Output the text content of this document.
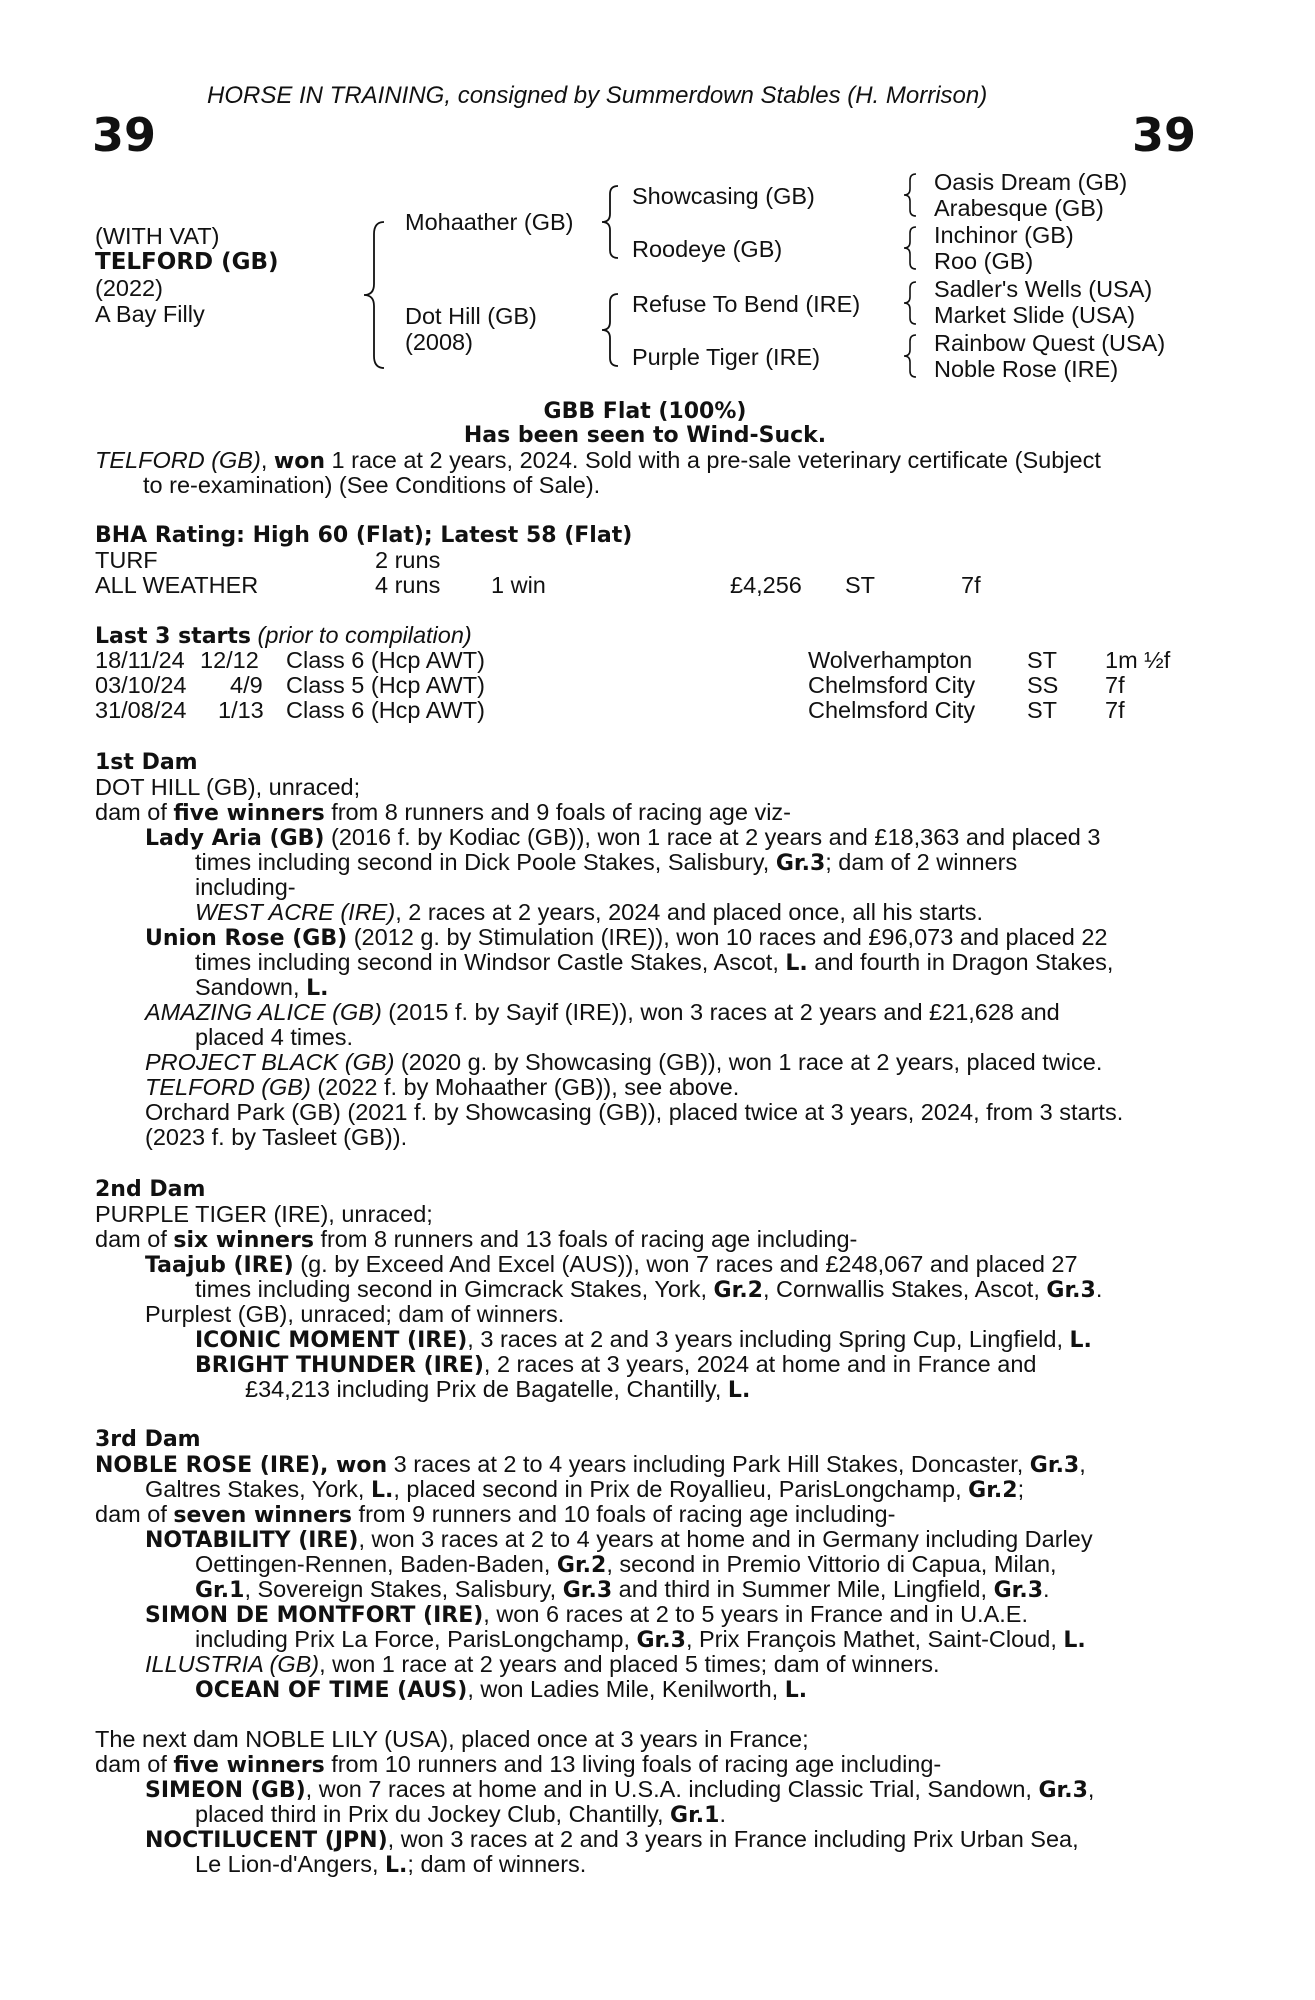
HORSE IN TRAINING, consigned by Summerdown Stables (H. Morrison)
39	39
(WITH VAT)
TELFORD (GB)
(2022)
A Bay Filly
Mohaather (GB)
Dot Hill (GB)
(2008)
Showcasing (GB)
Roodeye (GB)
Refuse To Bend (IRE)
Purple Tiger (IRE)
Oasis Dream (GB)
Arabesque (GB)
Inchinor (GB)
Roo (GB)
Sadler's Wells (USA)
Market Slide (USA)
Rainbow Quest (USA)
Noble Rose (IRE)
GBB Flat (100%)
Has been seen to Wind-Suck.
TELFORD (GB), won 1 race at 2 years, 2024. Sold with a pre-sale veterinary certificate (Subject
to re-examination) (See Conditions of Sale).
BHA Rating: High 60 (Flat); Latest 58 (Flat)
TURF	2 runs
ALL WEATHER	4 runs 1 win	£4,256 ST	7f
Last 3 starts (prior to compilation)
18/11/24 12/12 Class 6 (Hcp AWT)	Wolverhampton ST 1m ½f
03/10/24 4/9 Class 5 (Hcp AWT)	Chelmsford City SS 7f
31/08/24 1/13 Class 6 (Hcp AWT)	Chelmsford City ST 7f
1st Dam
DOT HILL (GB), unraced;
dam of five winners from 8 runners and 9 foals of racing age viz-
Lady Aria (GB) (2016 f. by Kodiac (GB)), won 1 race at 2 years and £18,363 and placed 3
times including second in Dick Poole Stakes, Salisbury, Gr.3; dam of 2 winners
including-
WEST ACRE (IRE), 2 races at 2 years, 2024 and placed once, all his starts.
Union Rose (GB) (2012 g. by Stimulation (IRE)), won 10 races and £96,073 and placed 22
times including second in Windsor Castle Stakes, Ascot, L. and fourth in Dragon Stakes,
Sandown, L.
AMAZING ALICE (GB) (2015 f. by Sayif (IRE)), won 3 races at 2 years and £21,628 and
placed 4 times.
PROJECT BLACK (GB) (2020 g. by Showcasing (GB)), won 1 race at 2 years, placed twice.
TELFORD (GB) (2022 f. by Mohaather (GB)), see above.
Orchard Park (GB) (2021 f. by Showcasing (GB)), placed twice at 3 years, 2024, from 3 starts.
(2023 f. by Tasleet (GB)).
2nd Dam
PURPLE TIGER (IRE), unraced;
dam of six winners from 8 runners and 13 foals of racing age including-
Taajub (IRE) (g. by Exceed And Excel (AUS)), won 7 races and £248,067 and placed 27
times including second in Gimcrack Stakes, York, Gr.2, Cornwallis Stakes, Ascot, Gr.3.
Purplest (GB), unraced; dam of winners.
ICONIC MOMENT (IRE), 3 races at 2 and 3 years including Spring Cup, Lingfield, L.
BRIGHT THUNDER (IRE), 2 races at 3 years, 2024 at home and in France and
£34,213 including Prix de Bagatelle, Chantilly, L.
3rd Dam
NOBLE ROSE (IRE), won 3 races at 2 to 4 years including Park Hill Stakes, Doncaster, Gr.3,
Galtres Stakes, York, L., placed second in Prix de Royallieu, ParisLongchamp, Gr.2;
dam of seven winners from 9 runners and 10 foals of racing age including-
NOTABILITY (IRE), won 3 races at 2 to 4 years at home and in Germany including Darley
Oettingen-Rennen, Baden-Baden, Gr.2, second in Premio Vittorio di Capua, Milan,
Gr.1, Sovereign Stakes, Salisbury, Gr.3 and third in Summer Mile, Lingfield, Gr.3.
SIMON DE MONTFORT (IRE), won 6 races at 2 to 5 years in France and in U.A.E.
including Prix La Force, ParisLongchamp, Gr.3, Prix François Mathet, Saint-Cloud, L.
ILLUSTRIA (GB), won 1 race at 2 years and placed 5 times; dam of winners.
OCEAN OF TIME (AUS), won Ladies Mile, Kenilworth, L.
The next dam NOBLE LILY (USA), placed once at 3 years in France;
dam of five winners from 10 runners and 13 living foals of racing age including-
SIMEON (GB), won 7 races at home and in U.S.A. including Classic Trial, Sandown, Gr.3,
placed third in Prix du Jockey Club, Chantilly, Gr.1.
NOCTILUCENT (JPN), won 3 races at 2 and 3 years in France including Prix Urban Sea,
Le Lion-d'Angers, L.; dam of winners.
